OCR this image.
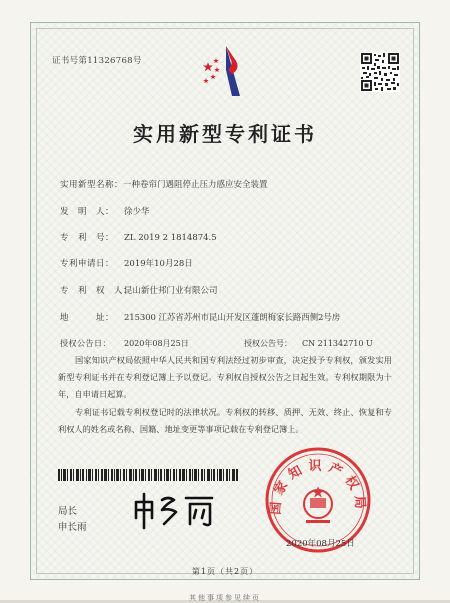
证书号第11326768号
实用新型专利证书
实用新型名称：一种卷帘门遇阻停止压力感应安全装置
发　明　人： 徐少华
专　利　号： ZL 2019 2 1814874.5
专利申请日： 2019年10月28日
专　利　权　人：昆山新仕邦门业有限公司
地　　　址： 215300 江苏省苏州市昆山开发区蓬朗梅家长路西侧2号房
授权公告日： 2020年08月25日	授权公告号： CN 211342710 U
国家知识产权局依照中华人民共和国专利法经过初步审查，决定授予专利权，颁发实用新型专利证书并在专利登记簿上予以登记。专利权自授权公告之日起生效。专利权期限为十年，自申请日起算。
专利证书记载专利权登记时的法律状况。专利权的转移、质押、无效、终止、恢复和专利权人的姓名或名称、国籍、地址变更等事项记载在专利登记簿上。
局长
申长雨
国家知识产权局
2020年08月25日
第1页（共2页）
其他事项参见续页
